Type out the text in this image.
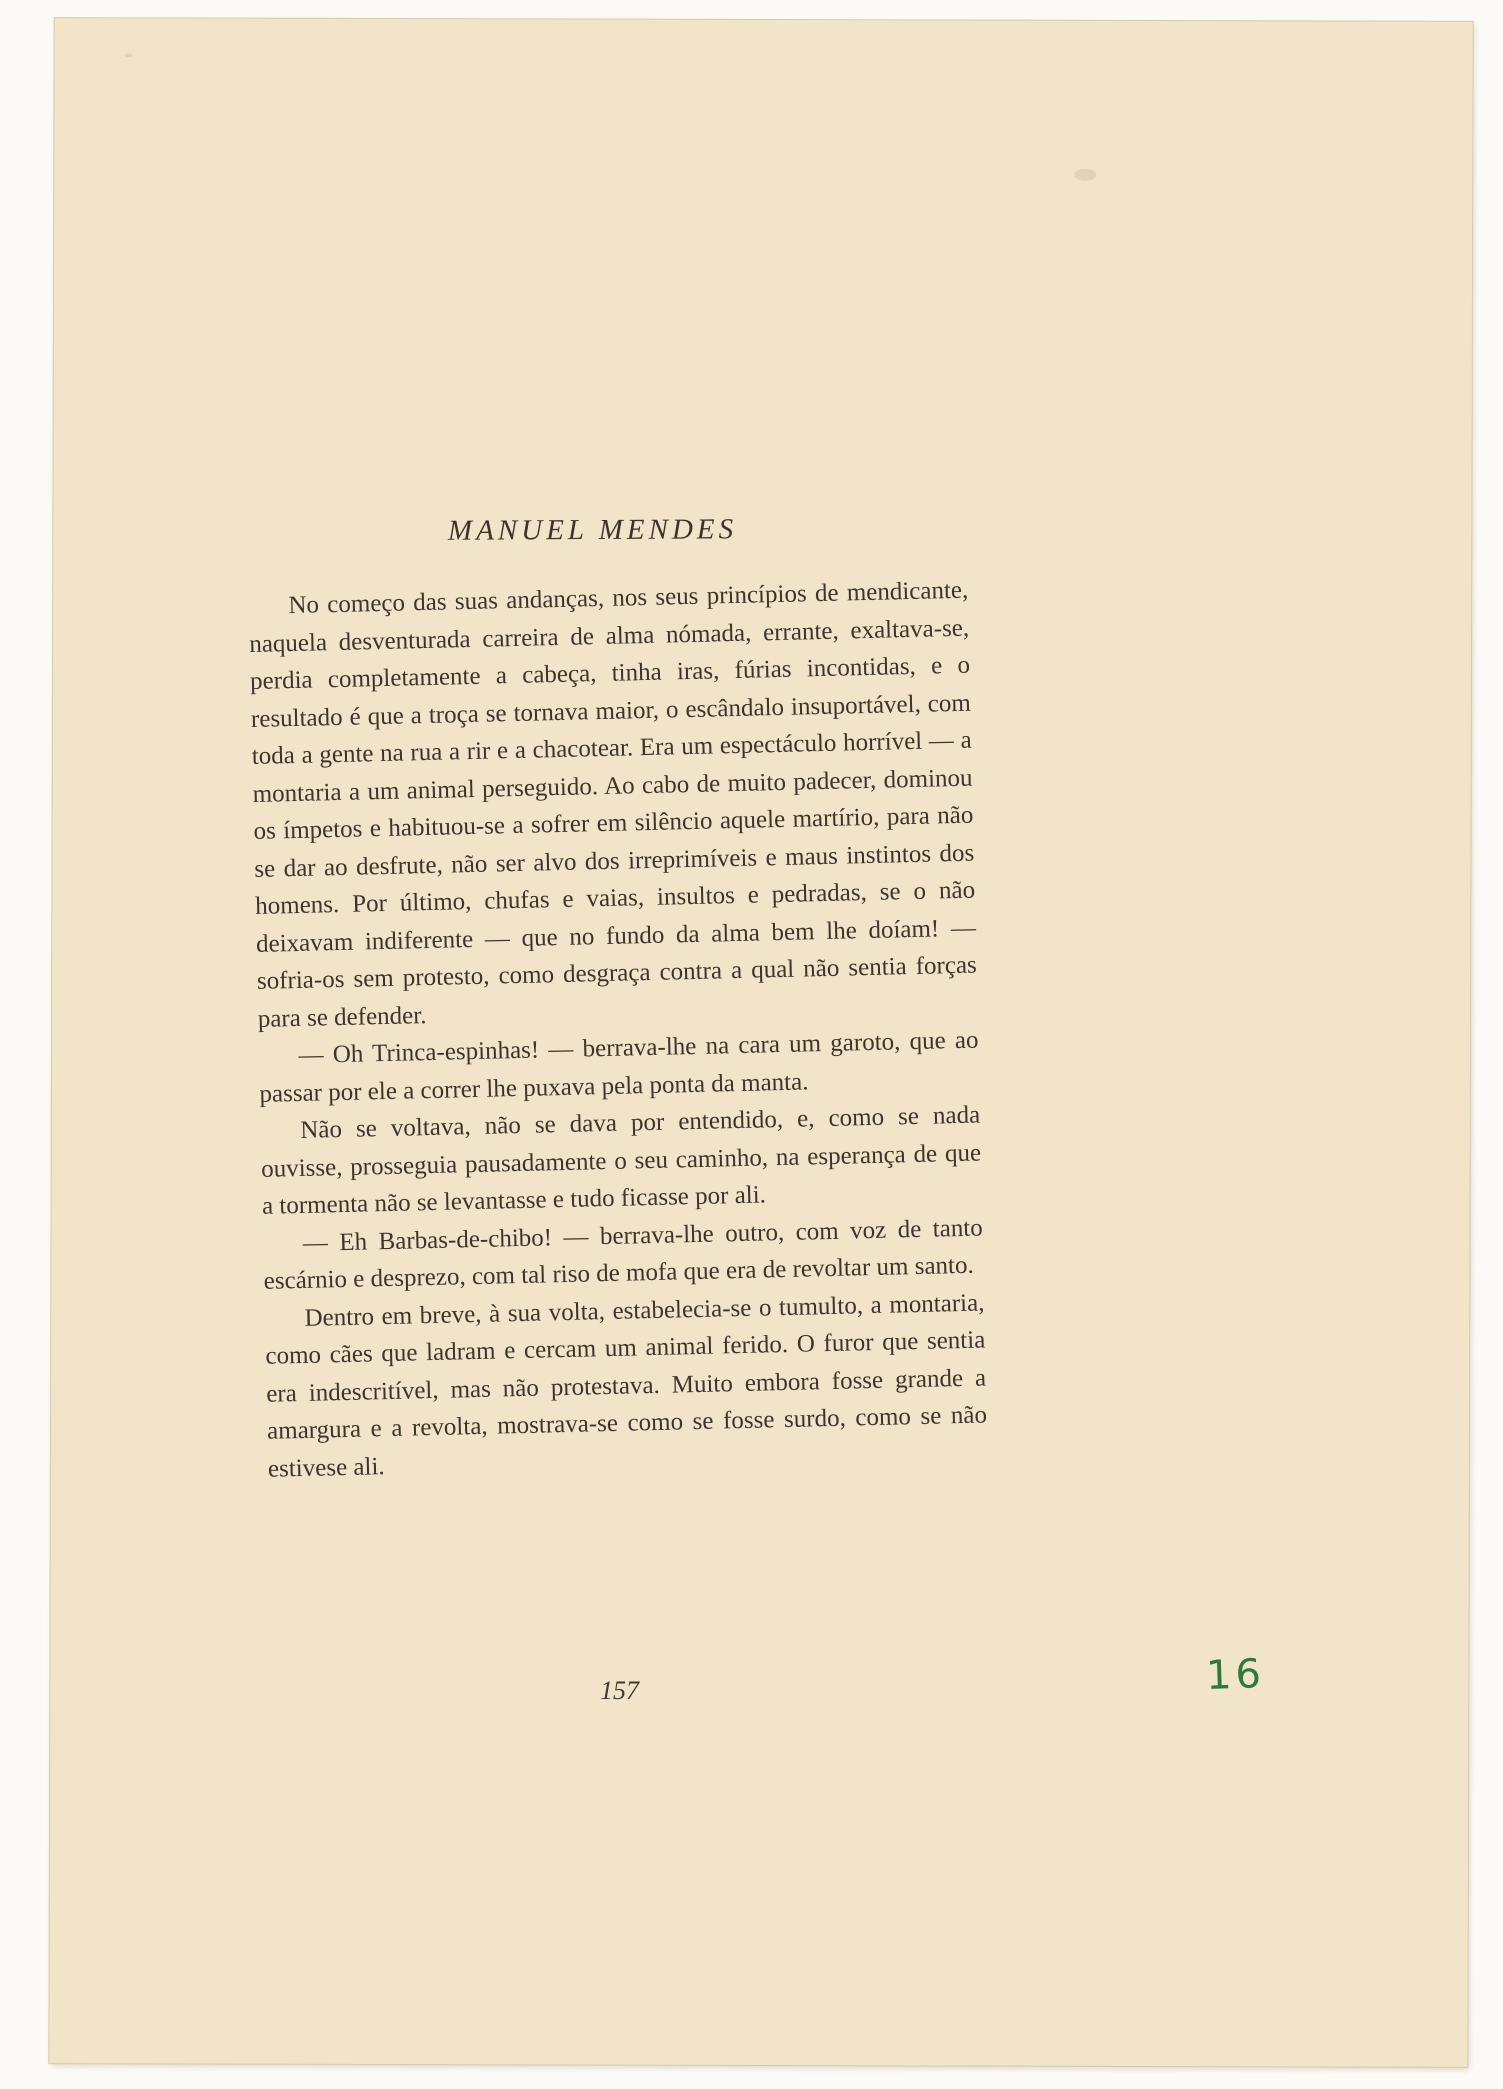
MANUEL MENDES

No começo das suas andanças, nos seus princípios de mendicante, naquela desventurada carreira de alma nómada, errante, exaltava-se, perdia completamente a cabeça, tinha iras, fúrias incontidas, e o resultado é que a troça se tornava maior, o escândalo insuportável, com toda a gente na rua a rir e a chacotear. Era um espectáculo horrível — a montaria a um animal perseguido. Ao cabo de muito padecer, dominou os ímpetos e habituou-se a sofrer em silêncio aquele martírio, para não se dar ao desfrute, não ser alvo dos irreprimíveis e maus instintos dos homens. Por último, chufas e vaias, insultos e pedradas, se o não deixavam indiferente — que no fundo da alma bem lhe doíam! — sofria-os sem protesto, como desgraça contra a qual não sentia forças para se defender.

— Oh Trinca-espinhas! — berrava-lhe na cara um garoto, que ao passar por ele a correr lhe puxava pela ponta da manta.

Não se voltava, não se dava por entendido, e, como se nada ouvisse, prosseguia pausadamente o seu caminho, na esperança de que a tormenta não se levantasse e tudo ficasse por ali.

— Eh Barbas-de-chibo! — berrava-lhe outro, com voz de tanto escárnio e desprezo, com tal riso de mofa que era de revoltar um santo.

Dentro em breve, à sua volta, estabelecia-se o tumulto, a montaria, como cães que ladram e cercam um animal ferido. O furor que sentia era indescritível, mas não protestava. Muito embora fosse grande a amargura e a revolta, mostrava-se como se fosse surdo, como se não estivese ali.

157	16
